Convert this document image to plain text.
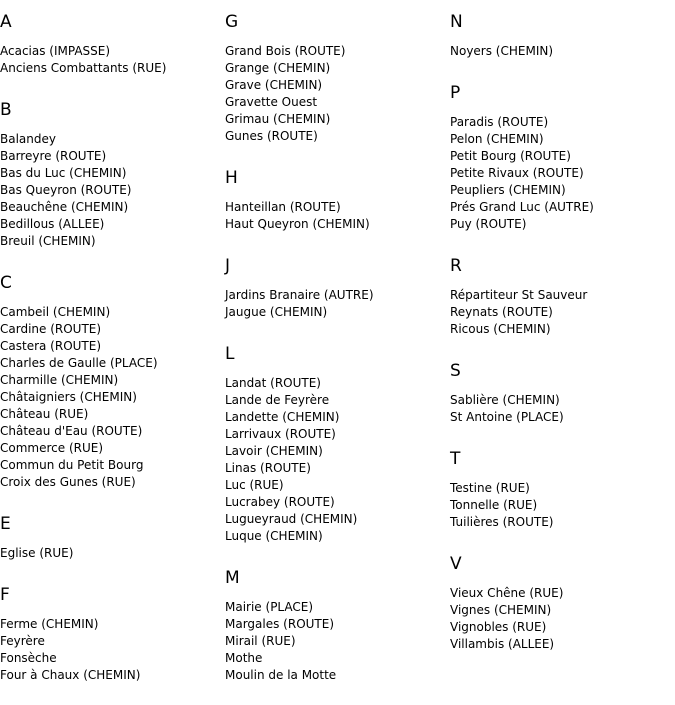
A
Acacias (IMPASSE)
Anciens Combattants (RUE)
B
Balandey
Barreyre (ROUTE)
Bas du Luc (CHEMIN)
Bas Queyron (ROUTE)
Beauchêne (CHEMIN)
Bedillous (ALLEE)
Breuil (CHEMIN)
C
Cambeil (CHEMIN)
Cardine (ROUTE)
Castera (ROUTE)
Charles de Gaulle (PLACE)
Charmille (CHEMIN)
Châtaigniers (CHEMIN)
Château (RUE)
Château d'Eau (ROUTE)
Commerce (RUE)
Commun du Petit Bourg
Croix des Gunes (RUE)
E
Eglise (RUE)
F
Ferme (CHEMIN)
Feyrère
Fonsèche
Four à Chaux (CHEMIN)
G
Grand Bois (ROUTE)
Grange (CHEMIN)
Grave (CHEMIN)
Gravette Ouest
Grimau (CHEMIN)
Gunes (ROUTE)
H
Hanteillan (ROUTE)
Haut Queyron (CHEMIN)
J
Jardins Branaire (AUTRE)
Jaugue (CHEMIN)
L
Landat (ROUTE)
Lande de Feyrère
Landette (CHEMIN)
Larrivaux (ROUTE)
Lavoir (CHEMIN)
Linas (ROUTE)
Luc (RUE)
Lucrabey (ROUTE)
Lugueyraud (CHEMIN)
Luque (CHEMIN)
M
Mairie (PLACE)
Margales (ROUTE)
Mirail (RUE)
Mothe
Moulin de la Motte
N
Noyers (CHEMIN)
P
Paradis (ROUTE)
Pelon (CHEMIN)
Petit Bourg (ROUTE)
Petite Rivaux (ROUTE)
Peupliers (CHEMIN)
Prés Grand Luc (AUTRE)
Puy (ROUTE)
R
Répartiteur St Sauveur
Reynats (ROUTE)
Ricous (CHEMIN)
S
Sablière (CHEMIN)
St Antoine (PLACE)
T
Testine (RUE)
Tonnelle (RUE)
Tuilières (ROUTE)
V
Vieux Chêne (RUE)
Vignes (CHEMIN)
Vignobles (RUE)
Villambis (ALLEE)
